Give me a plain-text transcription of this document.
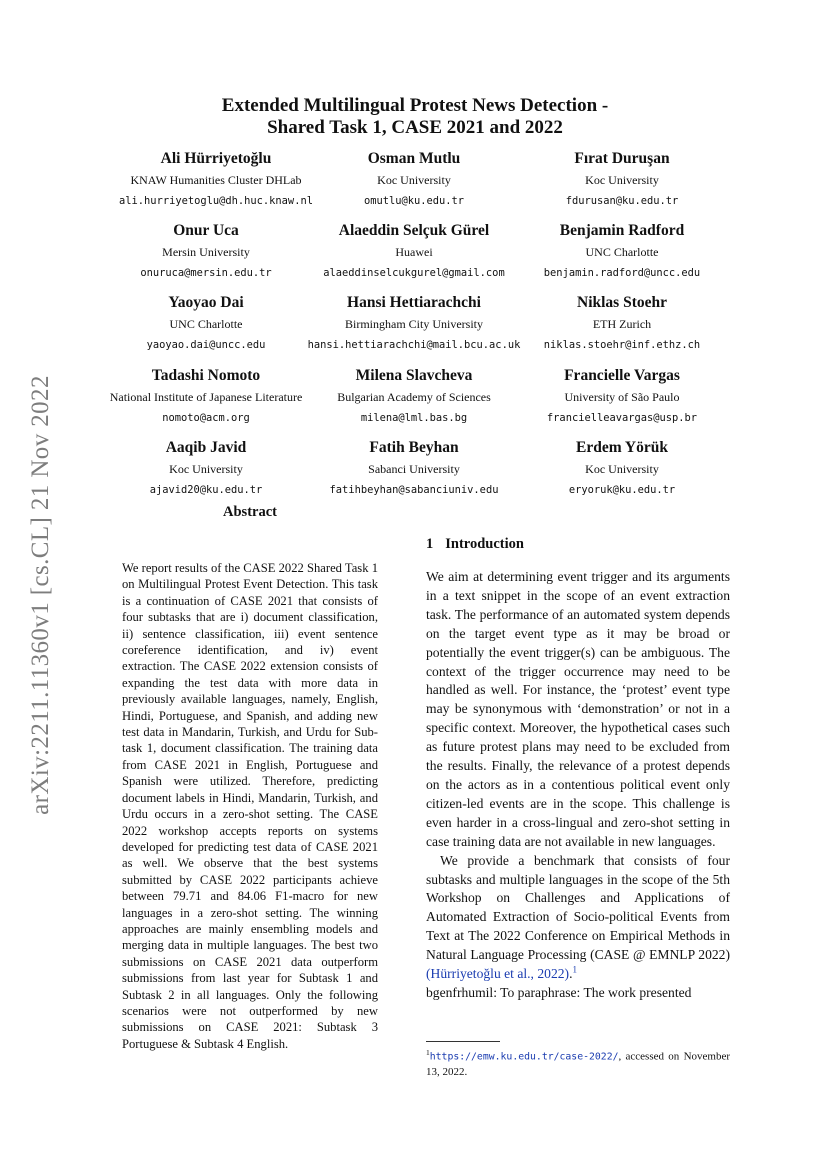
arXiv:2211.11360v1 [cs.CL] 21 Nov 2022
Extended Multilingual Protest News Detection -
Shared Task 1, CASE 2021 and 2022
Ali Hürriyetoğlu
KNAW Humanities Cluster DHLab
ali.hurriyetoglu@dh.huc.knaw.nl
Osman Mutlu
Koc University
omutlu@ku.edu.tr
Fırat Duruşan
Koc University
fdurusan@ku.edu.tr
Onur Uca
Mersin University
onuruca@mersin.edu.tr
Alaeddin Selçuk Gürel
Huawei
alaeddinselcukgurel@gmail.com
Benjamin Radford
UNC Charlotte
benjamin.radford@uncc.edu
Yaoyao Dai
UNC Charlotte
yaoyao.dai@uncc.edu
Hansi Hettiarachchi
Birmingham City University
hansi.hettiarachchi@mail.bcu.ac.uk
Niklas Stoehr
ETH Zurich
niklas.stoehr@inf.ethz.ch
Tadashi Nomoto
National Institute of Japanese Literature
nomoto@acm.org
Milena Slavcheva
Bulgarian Academy of Sciences
milena@lml.bas.bg
Francielle Vargas
University of São Paulo
francielleavargas@usp.br
Aaqib Javid
Koc University
ajavid20@ku.edu.tr
Fatih Beyhan
Sabanci University
fatihbeyhan@sabanciuniv.edu
Erdem Yörük
Koc University
eryoruk@ku.edu.tr
Abstract
We report results of the CASE 2022 Shared Task 1 on Multilingual Protest Event Detection. This task is a continuation of CASE 2021 that consists of four subtasks that are i) document classification, ii) sentence classification, iii) event sentence coreference identification, and iv) event extraction. The CASE 2022 extension consists of expanding the test data with more data in previously available languages, namely, English, Hindi, Portuguese, and Spanish, and adding new test data in Mandarin, Turkish, and Urdu for Sub-task 1, document classification. The training data from CASE 2021 in English, Portuguese and Spanish were utilized. Therefore, predicting document labels in Hindi, Mandarin, Turkish, and Urdu occurs in a zero-shot setting. The CASE 2022 workshop accepts reports on systems developed for predicting test data of CASE 2021 as well. We observe that the best systems submitted by CASE 2022 participants achieve between 79.71 and 84.06 F1-macro for new languages in a zero-shot setting. The winning approaches are mainly ensembling models and merging data in multiple languages. The best two submissions on CASE 2021 data outperform submissions from last year for Subtask 1 and Subtask 2 in all languages. Only the following scenarios were not outperformed by new submissions on CASE 2021: Subtask 3 Portuguese & Subtask 4 English.
1 Introduction

We aim at determining event trigger and its arguments in a text snippet in the scope of an event extraction task. The performance of an automated system depends on the target event type as it may be broad or potentially the event trigger(s) can be ambiguous. The context of the trigger occurrence may need to be handled as well. For instance, the ‘protest’ event type may be synonymous with ‘demonstration’ or not in a specific context. Moreover, the hypothetical cases such as future protest plans may need to be excluded from the results. Finally, the relevance of a protest depends on the actors as in a contentious political event only citizen-led events are in the scope. This challenge is even harder in a cross-lingual and zero-shot setting in case training data are not available in new languages.

We provide a benchmark that consists of four subtasks and multiple languages in the scope of the 5th Workshop on Challenges and Applications of Automated Extraction of Socio-political Events from Text at The 2022 Conference on Empirical Methods in Natural Language Processing (CASE @ EMNLP 2022) (Hürriyetoğlu et al., 2022).$^1$
bgenfrhumil: To paraphrase: The work presented

$^1$https://emw.ku.edu.tr/case-2022/, accessed on November 13, 2022.
